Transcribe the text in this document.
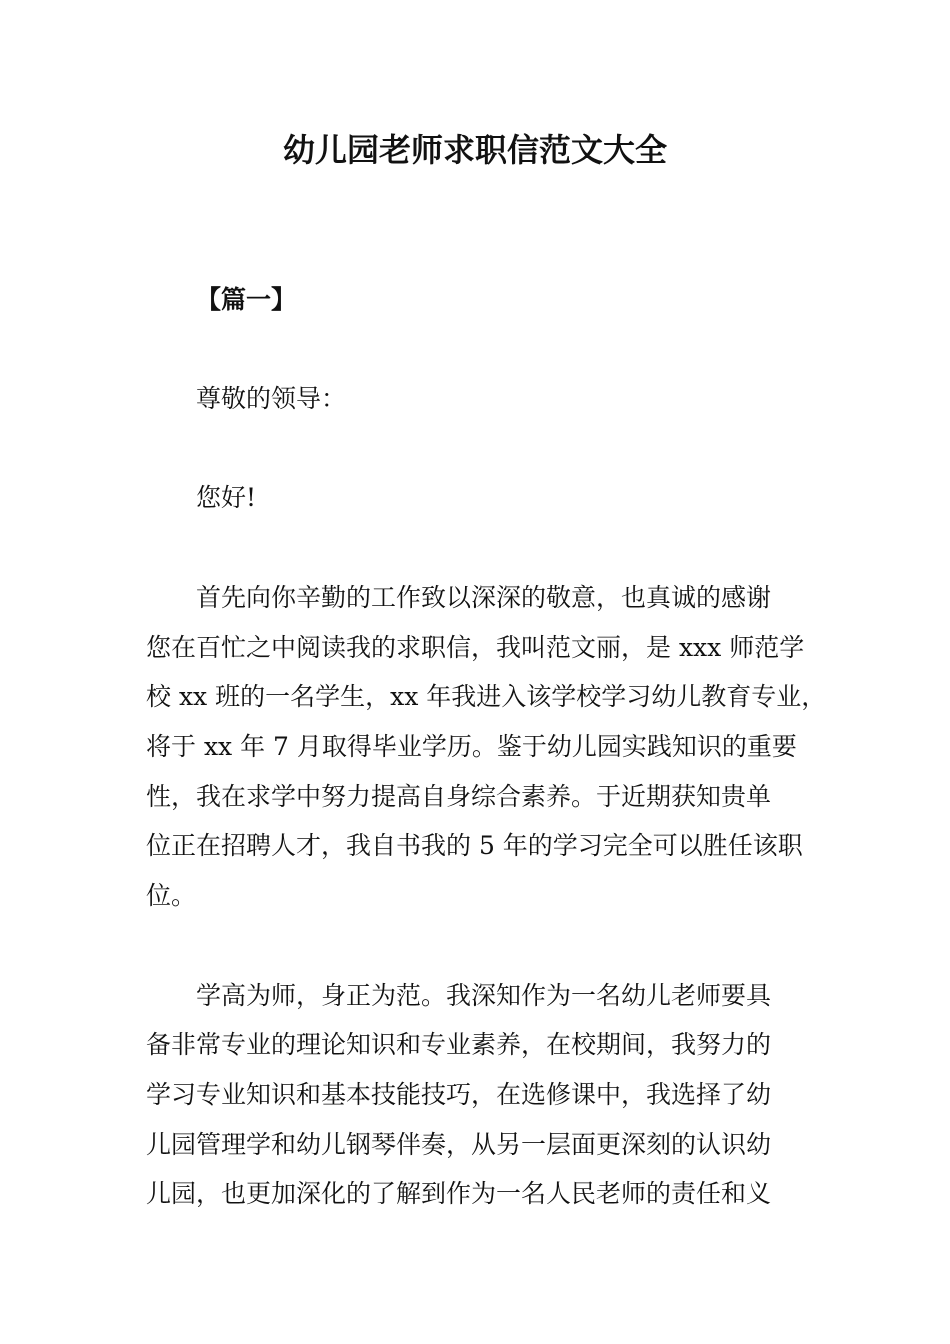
幼儿园老师求职信范文大全
【篇一】
尊敬的领导：
您好!
首先向你辛勤的工作致以深深的敬意，也真诚的感谢
您在百忙之中阅读我的求职信，我叫范文丽，是 xxx 师范学
校 xx 班的一名学生，xx 年我进入该学校学习幼儿教育专业，
将于 xx 年 7 月取得毕业学历。鉴于幼儿园实践知识的重要
性，我在求学中努力提高自身综合素养。于近期获知贵单
位正在招聘人才，我自书我的 5 年的学习完全可以胜任该职
位。
学高为师，身正为范。我深知作为一名幼儿老师要具
备非常专业的理论知识和专业素养，在校期间，我努力的
学习专业知识和基本技能技巧，在选修课中，我选择了幼
儿园管理学和幼儿钢琴伴奏，从另一层面更深刻的认识幼
儿园，也更加深化的了解到作为一名人民老师的责任和义
